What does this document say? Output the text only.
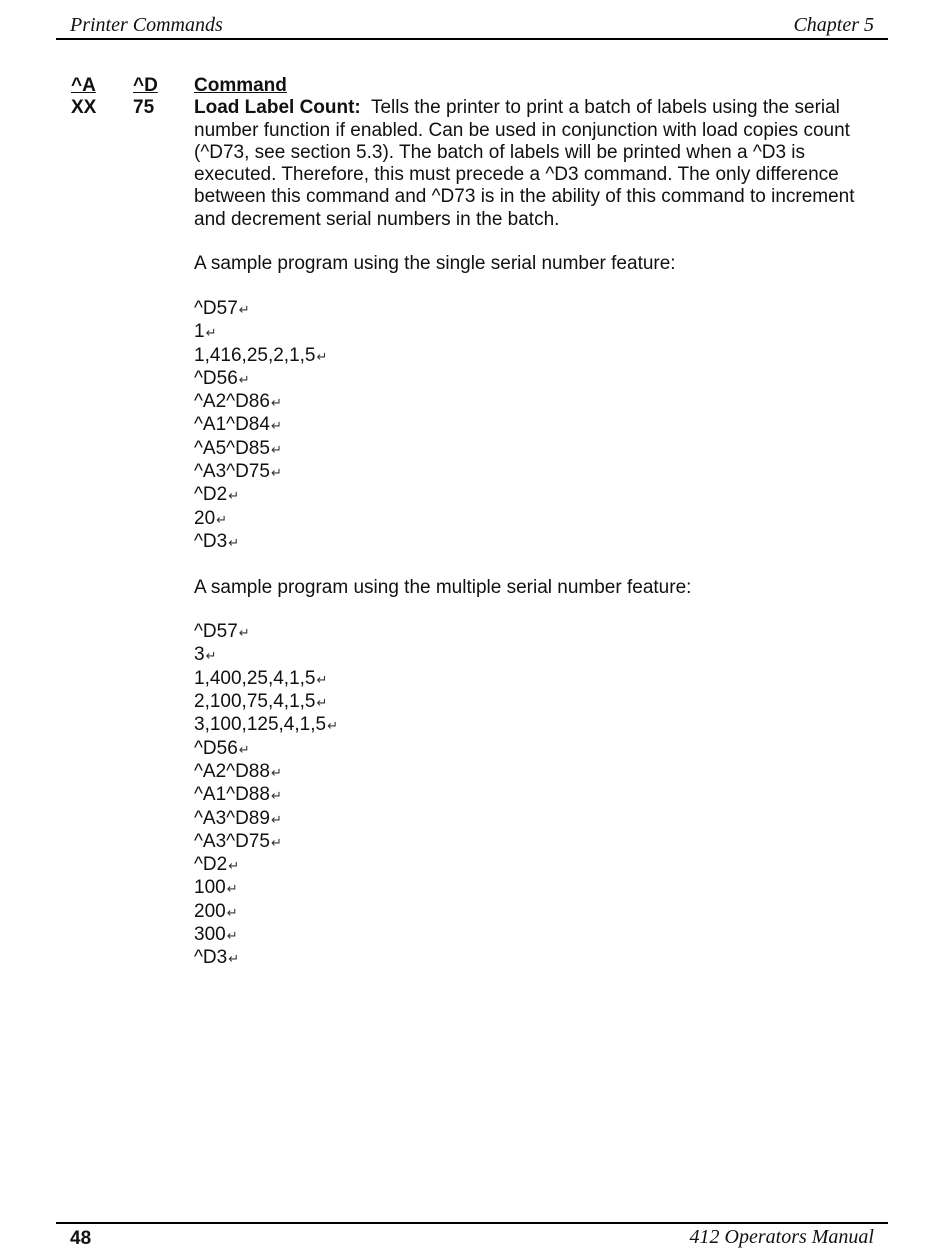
Printer Commands	Chapter 5
^A
XX
^D
75
Command

Load Label Count: Tells the printer to print a batch of labels using the serial number function if enabled. Can be used in conjunction with load copies count (^D73, see section 5.3). The batch of labels will be printed when a ^D3 is executed. Therefore, this must precede a ^D3 command. The only difference between this command and ^D73 is in the ability of this command to increment and decrement serial numbers in the batch.

A sample program using the single serial number feature:

^D57↵
1↵
1,416,25,2,1,5↵
^D56↵
^A2^D86↵
^A1^D84↵
^A5^D85↵
^A3^D75↵
^D2↵
20↵
^D3↵

A sample program using the multiple serial number feature:

^D57↵
3↵
1,400,25,4,1,5↵
2,100,75,4,1,5↵
3,100,125,4,1,5↵
^D56↵
^A2^D88↵
^A1^D88↵
^A3^D89↵
^A3^D75↵
^D2↵
100↵
200↵
300↵
^D3↵
48	412 Operators Manual
